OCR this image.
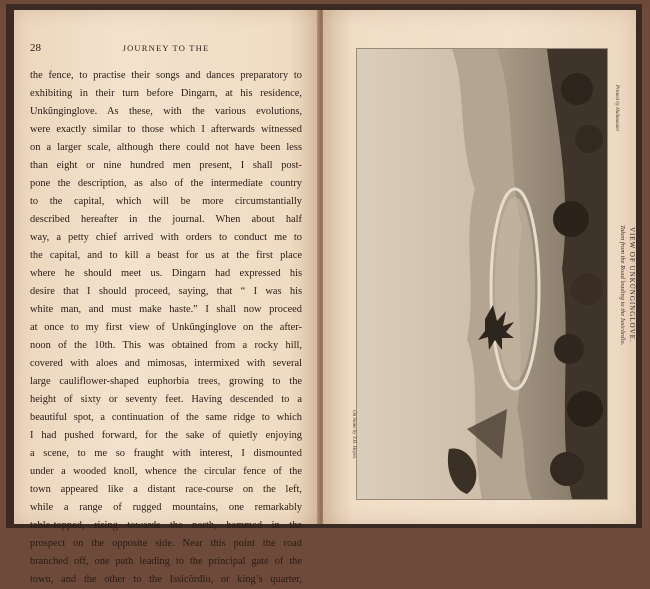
28	JOURNEY TO THE
the fence, to practise their songs and dances preparatory to
exhibiting in their turn before Dingarn, at his residence,
Unkũnginglove. As these, with the various evolutions,
were exactly similar to those which I afterwards witnessed
on a larger scale, although there could not have been less
than eight or nine hundred men present, I shall post-
pone the description, as also of the intermediate country
to the capital, which will be more circumstantially
described hereafter in the journal. When about half
way, a petty chief arrived with orders to conduct me to
the capital, and to kill a beast for us at the first place
where he should meet us. Dingarn had expressed his
desire that I should proceed, saying, that “ I was his
white man, and must make haste.” I shall now proceed
at once to my first view of Unkũnginglove on the after-
noon of the 10th. This was obtained from a rocky hill,
covered with aloes and mimosas, intermixed with several
large cauliflower-shaped euphorbia trees, growing to the
height of sixty or seventy feet. Having descended to a
beautiful spot, a continuation of the same ridge to which
I had pushed forward, for the sake of quietly enjoying
a scene, to me so fraught with interest, I dismounted
under a wooded knoll, whence the circular fence of the
town appeared like a distant race-course on the left,
while a range of rugged mountains, one remarkably
table-topped, rising towards the north, hemmed in the
prospect on the opposite side. Near this point the road
branched off, one path leading to the principal gate of the
town, and the other to the Issicŏrdlo, or king’s quarter,
Printed by Hullmandel
On Stone by T.H. Hayes.
VIEW OF UNKŨNGINGLOVE.
Taken from the Road leading to the Issicŏrdlo.
